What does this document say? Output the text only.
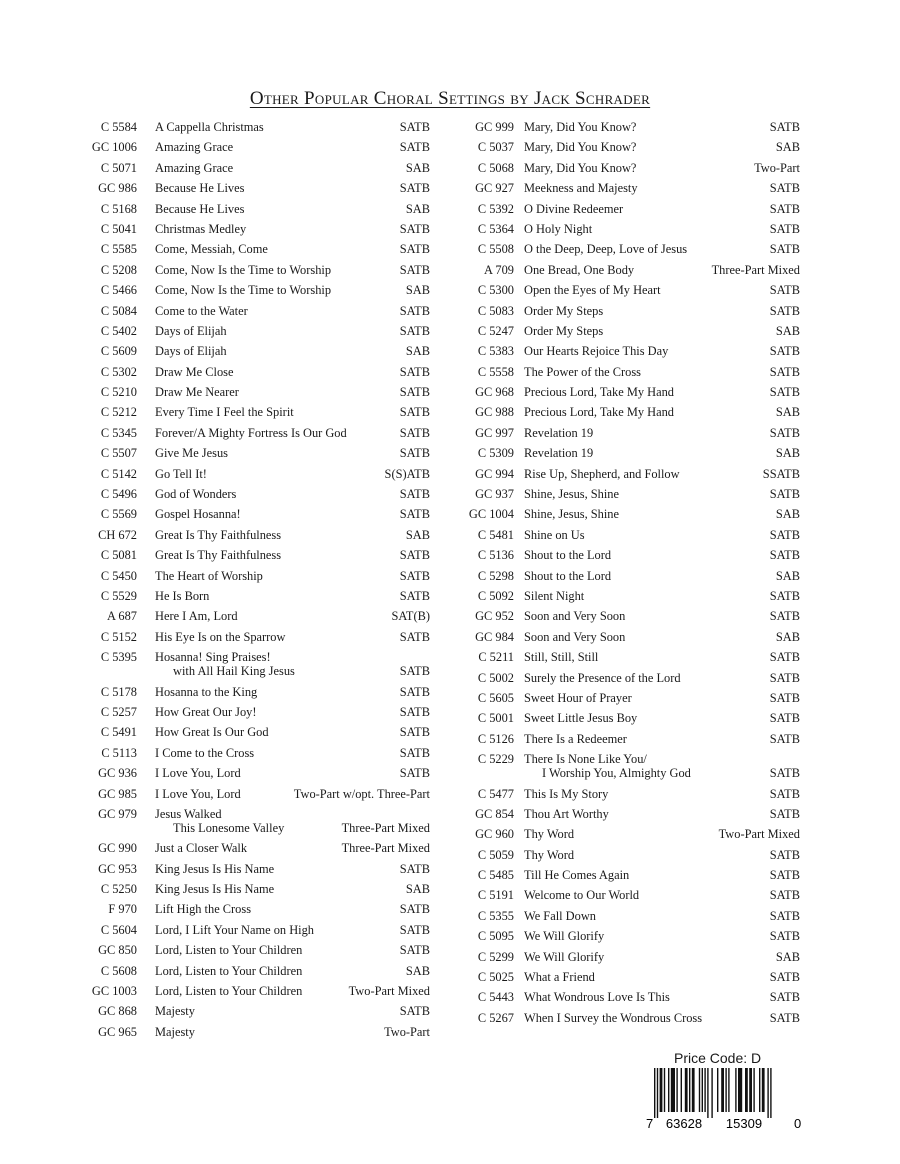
Other Popular Choral Settings by Jack Schrader
C 5584 A Cappella Christmas	SATB
GC 1006 Amazing Grace	SATB
C 5071 Amazing Grace	SAB
GC 986 Because He Lives	SATB
C 5168 Because He Lives	SAB
C 5041 Christmas Medley	SATB
C 5585 Come, Messiah, Come	SATB
C 5208 Come, Now Is the Time to Worship	SATB
C 5466 Come, Now Is the Time to Worship	SAB
C 5084 Come to the Water	SATB
C 5402 Days of Elijah	SATB
C 5609 Days of Elijah	SAB
C 5302 Draw Me Close	SATB
C 5210 Draw Me Nearer	SATB
C 5212 Every Time I Feel the Spirit	SATB
C 5345 Forever/A Mighty Fortress Is Our God	SATB
C 5507 Give Me Jesus	SATB
C 5142 Go Tell It!	S(S)ATB
C 5496 God of Wonders	SATB
C 5569 Gospel Hosanna!	SATB
CH 672 Great Is Thy Faithfulness	SAB
C 5081 Great Is Thy Faithfulness	SATB
C 5450 The Heart of Worship	SATB
C 5529 He Is Born	SATB
A 687 Here I Am, Lord	SAT(B)
C 5152 His Eye Is on the Sparrow	SATB
C 5395 Hosanna! Sing Praises!
with All Hail King Jesus	SATB
C 5178 Hosanna to the King	SATB
C 5257 How Great Our Joy!	SATB
C 5491 How Great Is Our God	SATB
C 5113 I Come to the Cross	SATB
GC 936 I Love You, Lord	SATB
GC 985 I Love You, Lord	Two-Part w/opt. Three-Part
GC 979 Jesus Walked
This Lonesome Valley	Three-Part Mixed
GC 990 Just a Closer Walk	Three-Part Mixed
GC 953 King Jesus Is His Name	SATB
C 5250 King Jesus Is His Name	SAB
F 970 Lift High the Cross	SATB
C 5604 Lord, I Lift Your Name on High	SATB
GC 850 Lord, Listen to Your Children	SATB
C 5608 Lord, Listen to Your Children	SAB
GC 1003 Lord, Listen to Your Children	Two-Part Mixed
GC 868 Majesty	SATB
GC 965 Majesty	Two-Part
GC 999 Mary, Did You Know?	SATB
C 5037 Mary, Did You Know?	SAB
C 5068 Mary, Did You Know?	Two-Part
GC 927 Meekness and Majesty	SATB
C 5392 O Divine Redeemer	SATB
C 5364 O Holy Night	SATB
C 5508 O the Deep, Deep, Love of Jesus	SATB
A 709 One Bread, One Body	Three-Part Mixed
C 5300 Open the Eyes of My Heart	SATB
C 5083 Order My Steps	SATB
C 5247 Order My Steps	SAB
C 5383 Our Hearts Rejoice This Day	SATB
C 5558 The Power of the Cross	SATB
GC 968 Precious Lord, Take My Hand	SATB
GC 988 Precious Lord, Take My Hand	SAB
GC 997 Revelation 19	SATB
C 5309 Revelation 19	SAB
GC 994 Rise Up, Shepherd, and Follow	SSATB
GC 937 Shine, Jesus, Shine	SATB
GC 1004 Shine, Jesus, Shine	SAB
C 5481 Shine on Us	SATB
C 5136 Shout to the Lord	SATB
C 5298 Shout to the Lord	SAB
C 5092 Silent Night	SATB
GC 952 Soon and Very Soon	SATB
GC 984 Soon and Very Soon	SAB
C 5211 Still, Still, Still	SATB
C 5002 Surely the Presence of the Lord	SATB
C 5605 Sweet Hour of Prayer	SATB
C 5001 Sweet Little Jesus Boy	SATB
C 5126 There Is a Redeemer	SATB
C 5229 There Is None Like You/
I Worship You, Almighty God	SATB
C 5477 This Is My Story	SATB
GC 854 Thou Art Worthy	SATB
GC 960 Thy Word	Two-Part Mixed
C 5059 Thy Word	SATB
C 5485 Till He Comes Again	SATB
C 5191 Welcome to Our World	SATB
C 5355 We Fall Down	SATB
C 5095 We Will Glorify	SATB
C 5299 We Will Glorify	SAB
C 5025 What a Friend	SATB
C 5443 What Wondrous Love Is This	SATB
C 5267 When I Survey the Wondrous Cross	SATB
Price Code: D
7 63628 15309 0
